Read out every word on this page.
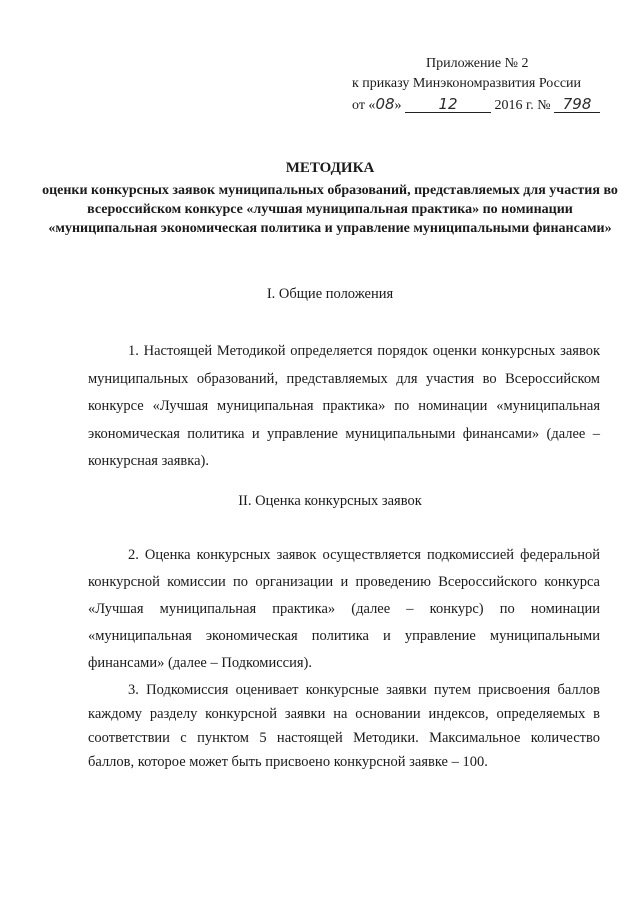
Приложение № 2
к приказу Минэкономразвития России
от «08» 12	2016 г. № 798
МЕТОДИКА
оценки конкурсных заявок муниципальных образований, представляемых для участия во всероссийском конкурсе «лучшая муниципальная практика» по номинации «муниципальная экономическая политика и управление муниципальными финансами»
I. Общие положения
1. Настоящей Методикой определяется порядок оценки конкурсных заявок муниципальных образований, представляемых для участия во Всероссийском конкурсе «Лучшая муниципальная практика» по номинации «муниципальная экономическая политика и управление муниципальными финансами» (далее – конкурсная заявка).
II. Оценка конкурсных заявок
2. Оценка конкурсных заявок осуществляется подкомиссией федеральной конкурсной комиссии по организации и проведению Всероссийского конкурса «Лучшая муниципальная практика» (далее – конкурс) по номинации «муниципальная экономическая политика и управление муниципальными финансами» (далее – Подкомиссия).
3. Подкомиссия оценивает конкурсные заявки путем присвоения баллов каждому разделу конкурсной заявки на основании индексов, определяемых в соответствии с пунктом 5 настоящей Методики. Максимальное количество баллов, которое может быть присвоено конкурсной заявке – 100.
